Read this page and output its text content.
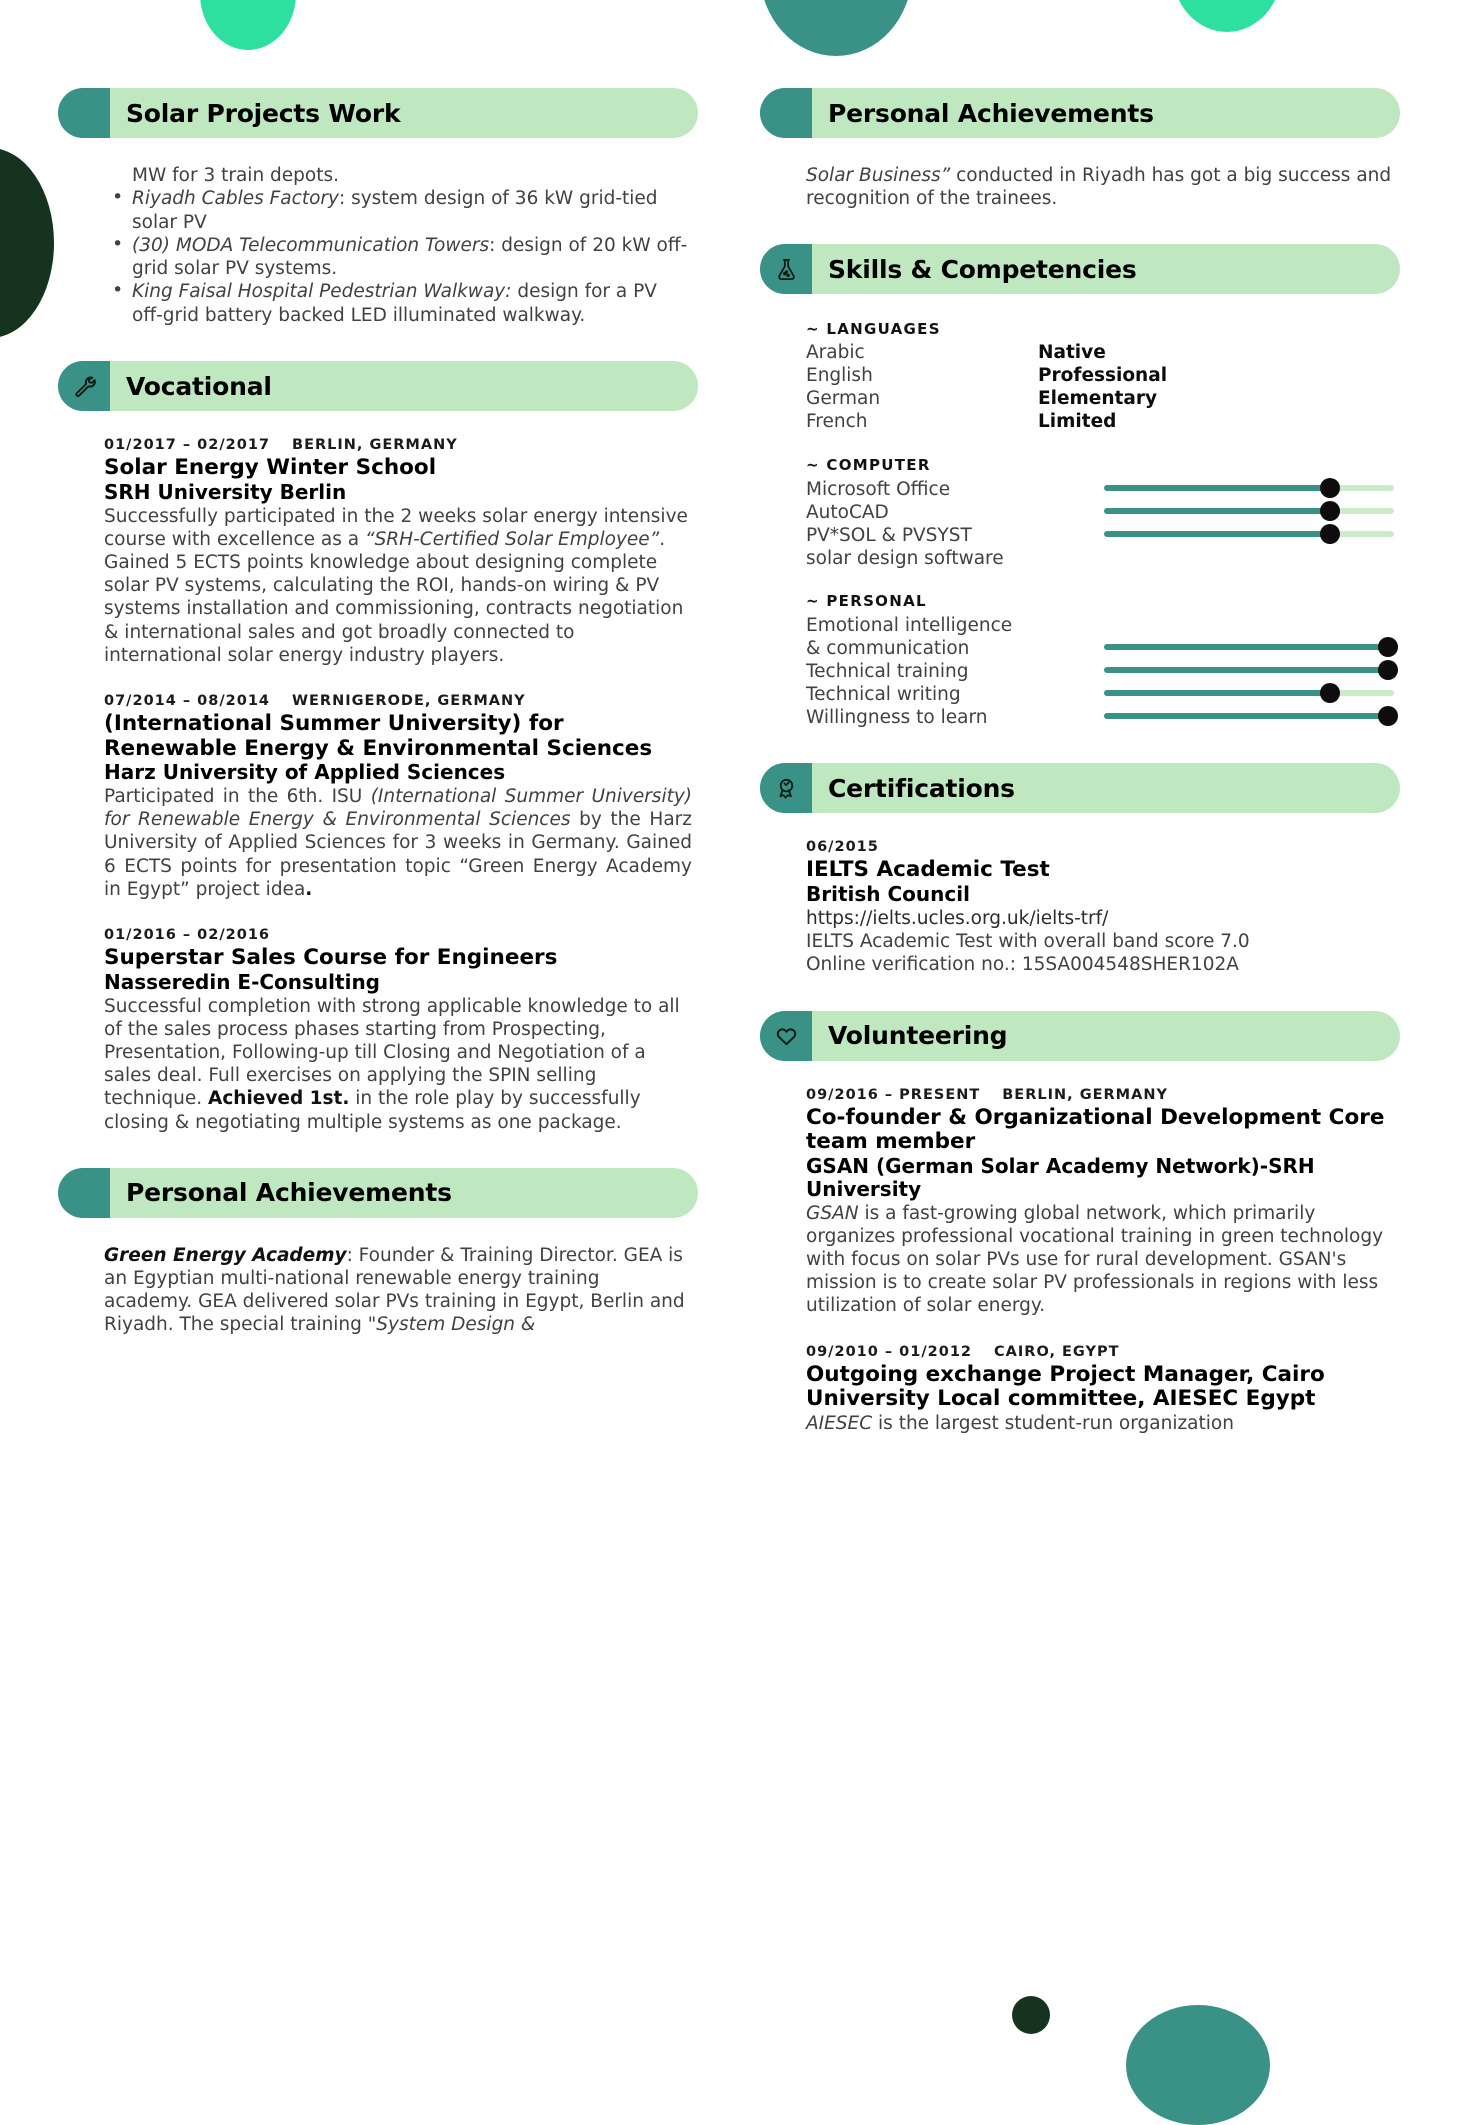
Solar Projects Work
MW for 3 train depots.
• Riyadh Cables Factory: system design of 36 kW grid-tied solar PV
• (30) MODA Telecommunication Towers: design of 20 kW off-grid solar PV systems.
• King Faisal Hospital Pedestrian Walkway: design for a PV off-grid battery backed LED illuminated walkway.
Vocational
01/2017 – 02/2017 BERLIN, GERMANY
Solar Energy Winter School
SRH University Berlin
Successfully participated in the 2 weeks solar energy intensive course with excellence as a “SRH-Certified Solar Employee”. Gained 5 ECTS points knowledge about designing complete solar PV systems, calculating the ROI, hands-on wiring & PV systems installation and commissioning, contracts negotiation & international sales and got broadly connected to international solar energy industry players.
07/2014 – 08/2014 WERNIGERODE, GERMANY
(International Summer University) for Renewable Energy & Environmental Sciences
Harz University of Applied Sciences
Participated in the 6th. ISU (International Summer University) for Renewable Energy & Environmental Sciences by the Harz University of Applied Sciences for 3 weeks in Germany. Gained 6 ECTS points for presentation topic “Green Energy Academy in Egypt” project idea.
01/2016 – 02/2016
Superstar Sales Course for Engineers
Nasseredin E-Consulting
Successful completion with strong applicable knowledge to all of the sales process phases starting from Prospecting, Presentation, Following-up till Closing and Negotiation of a sales deal. Full exercises on applying the SPIN selling technique. Achieved 1st. in the role play by successfully closing & negotiating multiple systems as one package.
Personal Achievements

Green Energy Academy: Founder & Training Director. GEA is an Egyptian multi-national renewable energy training academy. GEA delivered solar PVs training in Egypt, Berlin and Riyadh. The special training "System Design &

Personal Achievements

Solar Business” conducted in Riyadh has got a big success and recognition of the trainees.

Skills & Competencies
~ LANGUAGES
Arabic	Native
English	Professional
German	Elementary
French	Limited
~ COMPUTER
Microsoft Office
AutoCAD
PV*SOL & PVSYST
solar design software
~ PERSONAL
Emotional intelligence
& communication
Technical training
Technical writing
Willingness to learn
Certifications
06/2015
IELTS Academic Test
British Council
https://ielts.ucles.org.uk/ielts-trf/
IELTS Academic Test with overall band score 7.0
Online verification no.: 15SA004548SHER102A
Volunteering
09/2016 – PRESENT BERLIN, GERMANY
Co-founder & Organizational Development Core team member
GSAN (German Solar Academy Network)-SRH University
GSAN is a fast-growing global network, which primarily organizes professional vocational training in green technology with focus on solar PVs use for rural development. GSAN's mission is to create solar PV professionals in regions with less utilization of solar energy.
09/2010 – 01/2012 CAIRO, EGYPT
Outgoing exchange Project Manager, Cairo University Local committee, AIESEC Egypt
AIESEC is the largest student-run organization
